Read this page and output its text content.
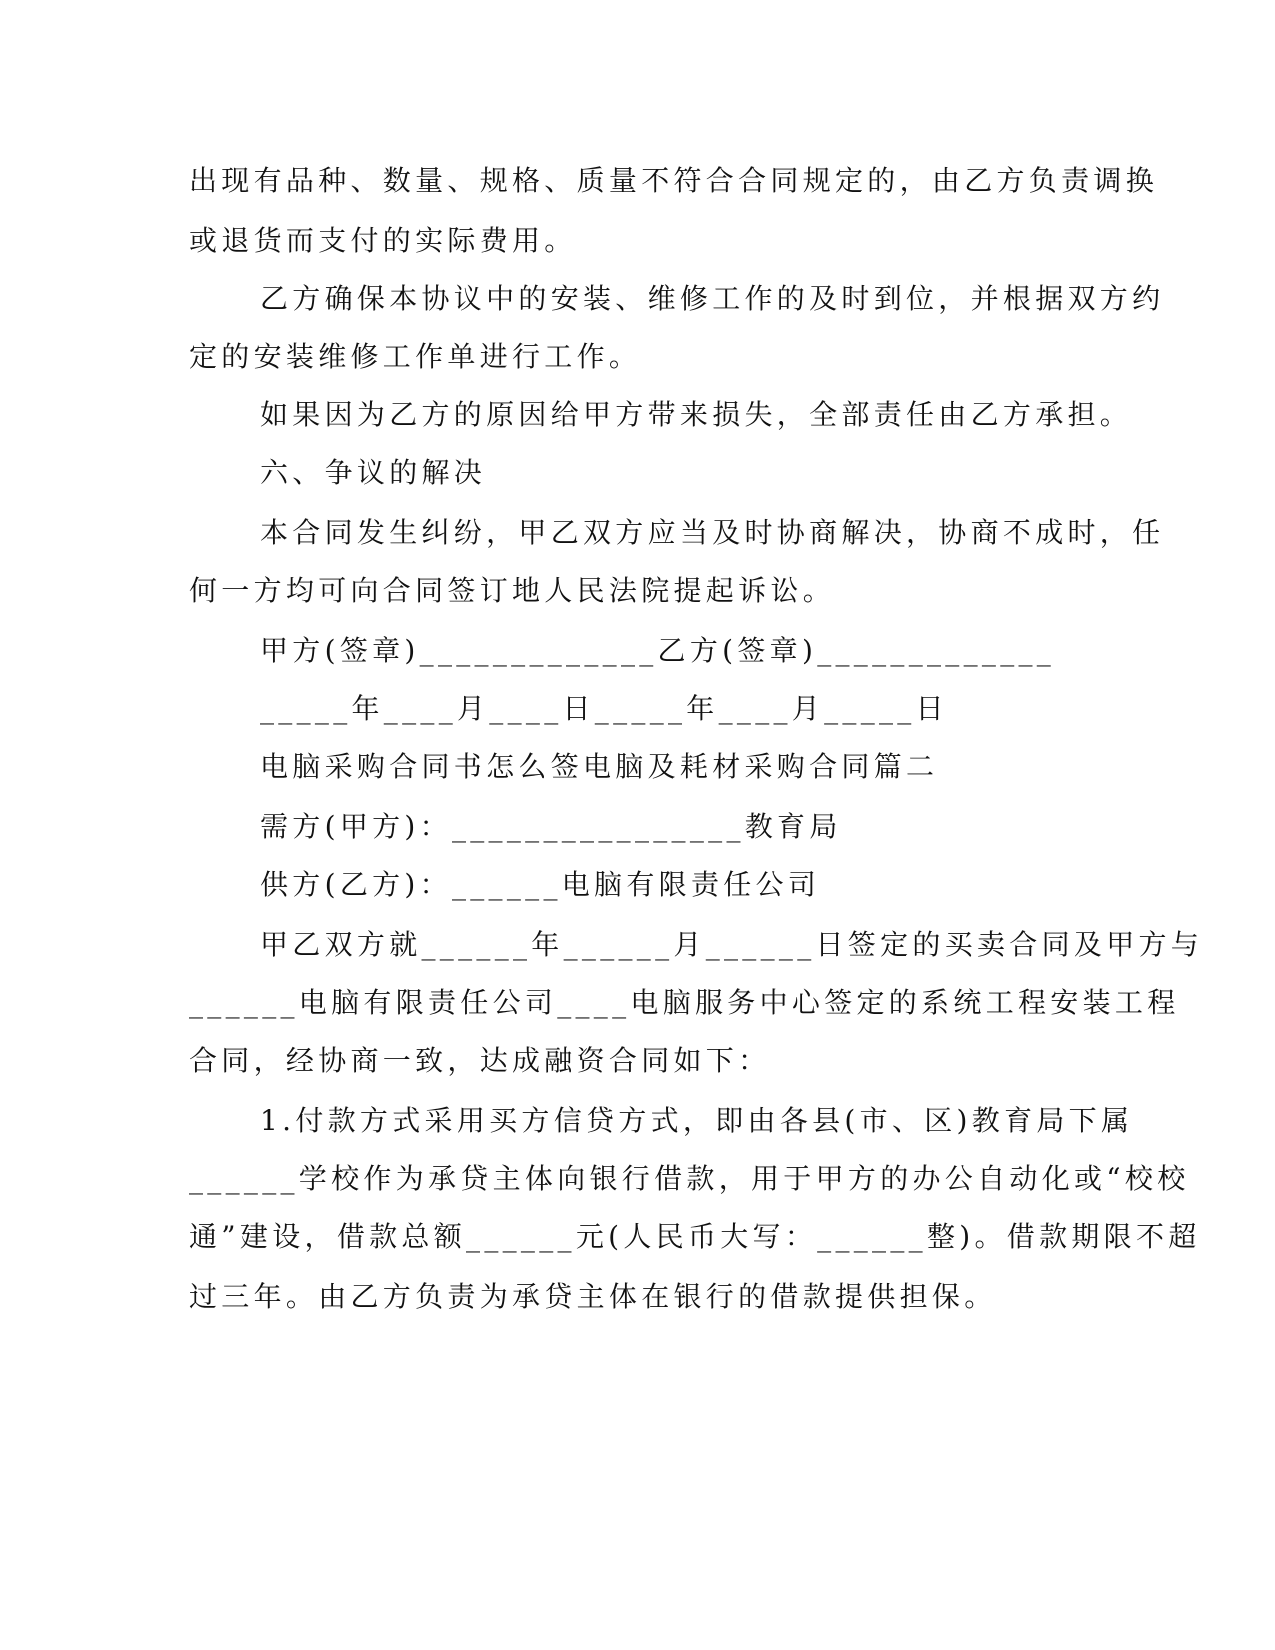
出现有品种、数量、规格、质量不符合合同规定的，由乙方负责调换
或退货而支付的实际费用。
乙方确保本协议中的安装、维修工作的及时到位，并根据双方约
定的安装维修工作单进行工作。
如果因为乙方的原因给甲方带来损失，全部责任由乙方承担。
六、争议的解决
本合同发生纠纷，甲乙双方应当及时协商解决，协商不成时，任
何一方均可向合同签订地人民法院提起诉讼。
甲方(签章)_____________乙方(签章)_____________
_____年____月____日_____年____月_____日
电脑采购合同书怎么签电脑及耗材采购合同篇二
需方(甲方)：________________教育局
供方(乙方)：______电脑有限责任公司
甲乙双方就______年______月______日签定的买卖合同及甲方与
______电脑有限责任公司____电脑服务中心签定的系统工程安装工程
合同，经协商一致，达成融资合同如下：
1.付款方式采用买方信贷方式，即由各县(市、区)教育局下属
______学校作为承贷主体向银行借款，用于甲方的办公自动化或“校校
通”建设，借款总额______元(人民币大写：______整)。借款期限不超
过三年。由乙方负责为承贷主体在银行的借款提供担保。
